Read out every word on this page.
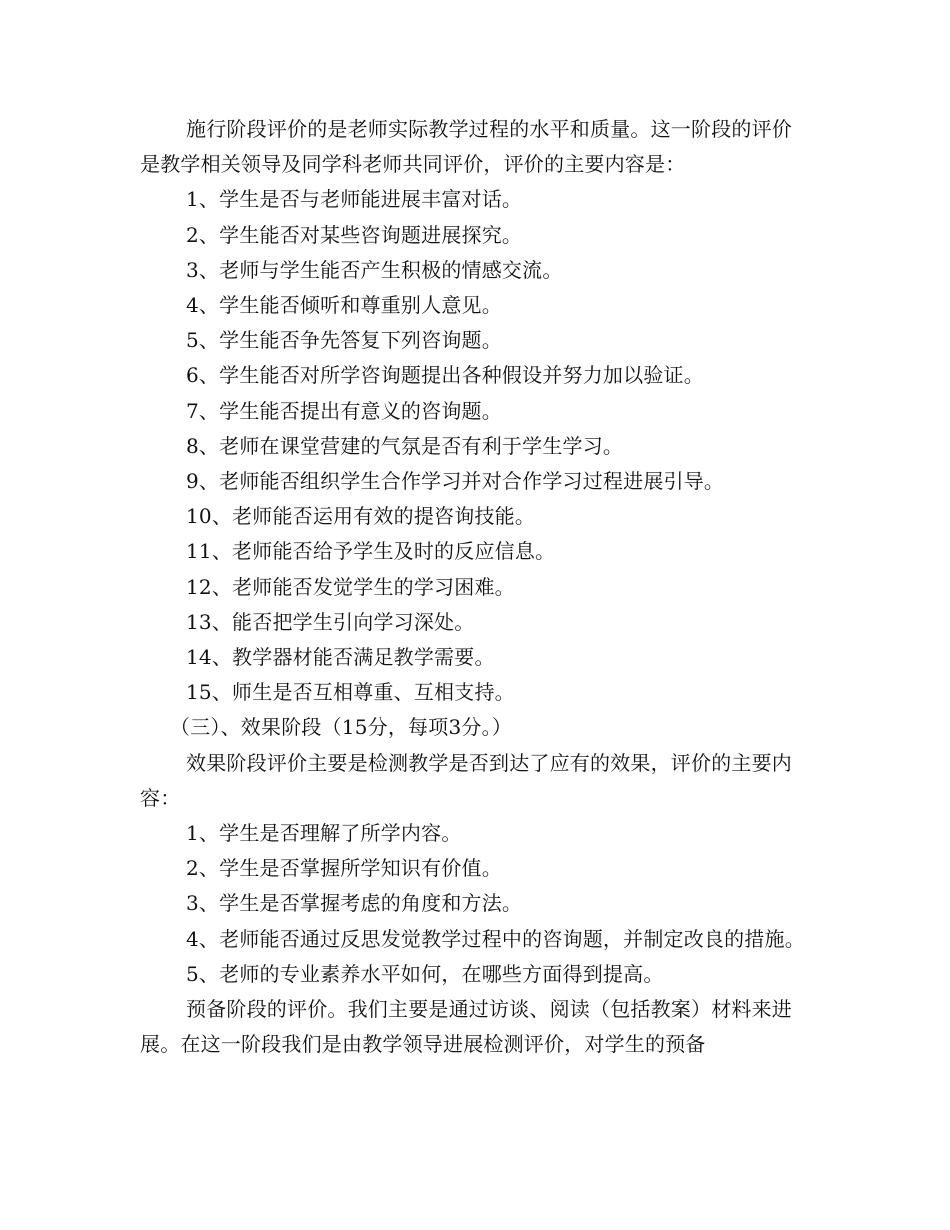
施行阶段评价的是老师实际教学过程的水平和质量。这一阶段的评价是教学相关领导及同学科老师共同评价，评价的主要内容是：

1、学生是否与老师能进展丰富对话。

2、学生能否对某些咨询题进展探究。

3、老师与学生能否产生积极的情感交流。

4、学生能否倾听和尊重别人意见。

5、学生能否争先答复下列咨询题。

6、学生能否对所学咨询题提出各种假设并努力加以验证。

7、学生能否提出有意义的咨询题。

8、老师在课堂营建的气氛是否有利于学生学习。

9、老师能否组织学生合作学习并对合作学习过程进展引导。

10、老师能否运用有效的提咨询技能。

11、老师能否给予学生及时的反应信息。

12、老师能否发觉学生的学习困难。

13、能否把学生引向学习深处。

14、教学器材能否满足教学需要。

15、师生是否互相尊重、互相支持。

（三）、效果阶段（15分，每项3分。）

效果阶段评价主要是检测教学是否到达了应有的效果，评价的主要内容：

1、学生是否理解了所学内容。

2、学生是否掌握所学知识有价值。

3、学生是否掌握考虑的角度和方法。

4、老师能否通过反思发觉教学过程中的咨询题，并制定改良的措施。

5、老师的专业素养水平如何，在哪些方面得到提高。

预备阶段的评价。我们主要是通过访谈、阅读（包括教案）材料来进展。在这一阶段我们是由教学领导进展检测评价，对学生的预备
